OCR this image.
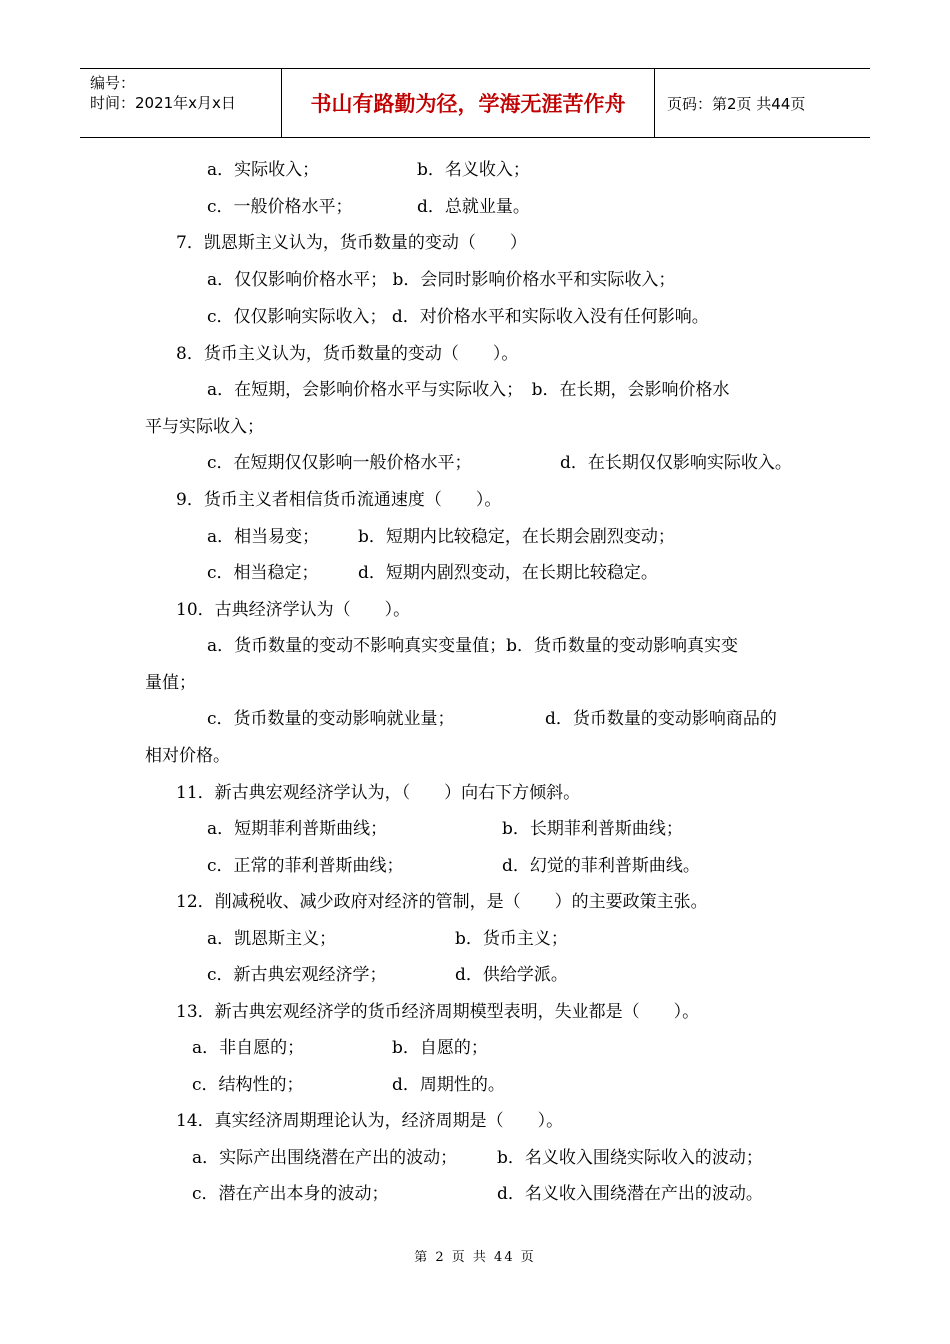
编号：
时间：2021年x月x日	书山有路勤为径，学海无涯苦作舟	页码：第2页 共44页
a．实际收入；	b．名义收入；
c．一般价格水平；	d．总就业量。
7．凯恩斯主义认为，货币数量的变动（　　）
a．仅仅影响价格水平； b．会同时影响价格水平和实际收入；
c．仅仅影响实际收入； d．对价格水平和实际收入没有任何影响。
8．货币主义认为，货币数量的变动（　　）。
a．在短期，会影响价格水平与实际收入；　b．在长期，会影响价格水
平与实际收入；
c．在短期仅仅影响一般价格水平；	d．在长期仅仅影响实际收入。
9．货币主义者相信货币流通速度（　　）。
a．相当易变； b．短期内比较稳定，在长期会剧烈变动；
c．相当稳定； d．短期内剧烈变动，在长期比较稳定。
10．古典经济学认为（　　）。
a．货币数量的变动不影响真实变量值；b．货币数量的变动影响真实变
量值；
c．货币数量的变动影响就业量；	d．货币数量的变动影响商品的
相对价格。
11．新古典宏观经济学认为，（　　）向右下方倾斜。
a．短期菲利普斯曲线；	b．长期菲利普斯曲线；
c．正常的菲利普斯曲线；	d．幻觉的菲利普斯曲线。
12．削减税收、减少政府对经济的管制，是（　　）的主要政策主张。
a．凯恩斯主义；	b．货币主义；
c．新古典宏观经济学；	d．供给学派。
13．新古典宏观经济学的货币经济周期模型表明，失业都是（　　）。
a．非自愿的；	b．自愿的；
c．结构性的；	d．周期性的。
14．真实经济周期理论认为，经济周期是（　　）。
a．实际产出围绕潜在产出的波动； b．名义收入围绕实际收入的波动；
c．潜在产出本身的波动；	d．名义收入围绕潜在产出的波动。
第 2 页 共 44 页
